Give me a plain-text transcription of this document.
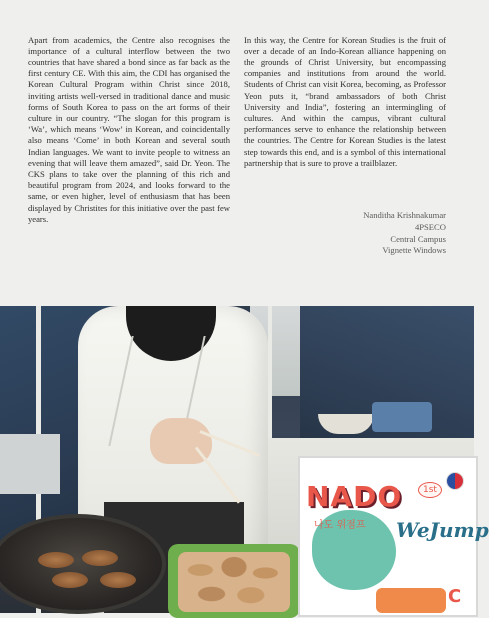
Apart from academics, the Centre also recognises the importance of a cultural interflow between the two countries that have shared a bond since as far back as the first century CE. With this aim, the CDI has organised the Korean Cultural Program within Christ since 2018, inviting artists well-versed in traditional dance and music forms of South Korea to pass on the art forms of their culture in our country. “The slogan for this program is ‘Wa’, which means ‘Wow’ in Korean, and coincidentally also means ‘Come’ in both Korean and several south Indian languages. We want to invite people to witness an evening that will leave them amazed”, said Dr. Yeon. The CKS plans to take over the planning of this rich and beautiful program from 2024, and looks forward to the same, or even higher, level of enthusiasm that has been displayed by Christites for this initiative over the past few years.

In this way, the Centre for Korean Studies is the fruit of over a decade of an Indo-Korean alliance happening on the grounds of Christ University, but encompassing companies and institutions from around the world. Students of Christ can visit Korea, becoming, as Professor Yeon puts it, “brand ambassadors of both Christ University and India”, fostering an intermingling of cultures. And within the campus, vibrant cultural performances serve to enhance the relationship between the countries. The Centre for Korean Studies is the latest step towards this end, and is a symbol of this international partnership that is sure to prove a trailblazer.

Nanditha Krishnakumar
4PSECO
Central Campus
Vignette Windows
NADO	1st
나도 위점프 WeJump
C
